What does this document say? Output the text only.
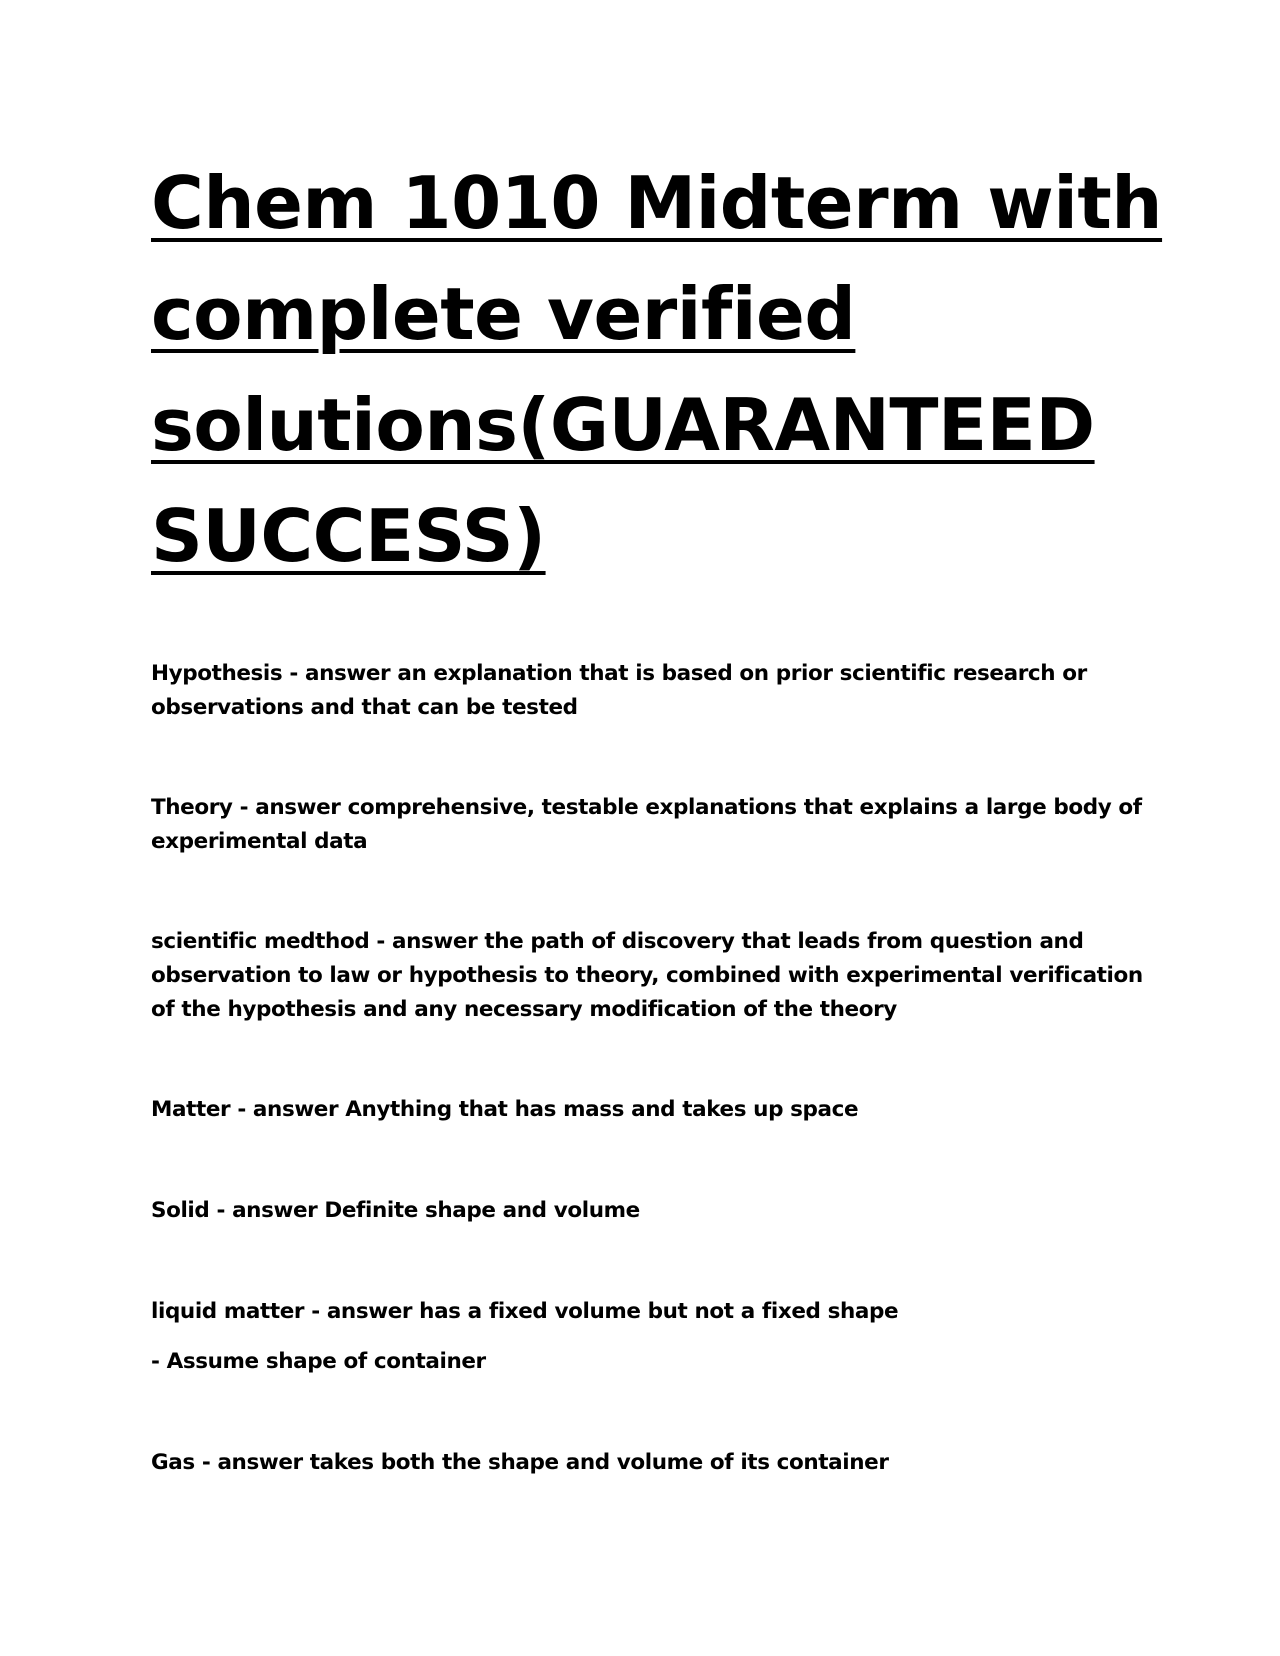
Chem 1010 Midterm with
complete verified
solutions(GUARANTEED
SUCCESS)

Hypothesis - answer an explanation that is based on prior scientific research or
observations and that can be tested

Theory - answer comprehensive, testable explanations that explains a large body of
experimental data

scientific medthod - answer the path of discovery that leads from question and
observation to law or hypothesis to theory, combined with experimental verification
of the hypothesis and any necessary modification of the theory

Matter - answer Anything that has mass and takes up space

Solid - answer Definite shape and volume

liquid matter - answer has a fixed volume but not a fixed shape

- Assume shape of container

Gas - answer takes both the shape and volume of its container
